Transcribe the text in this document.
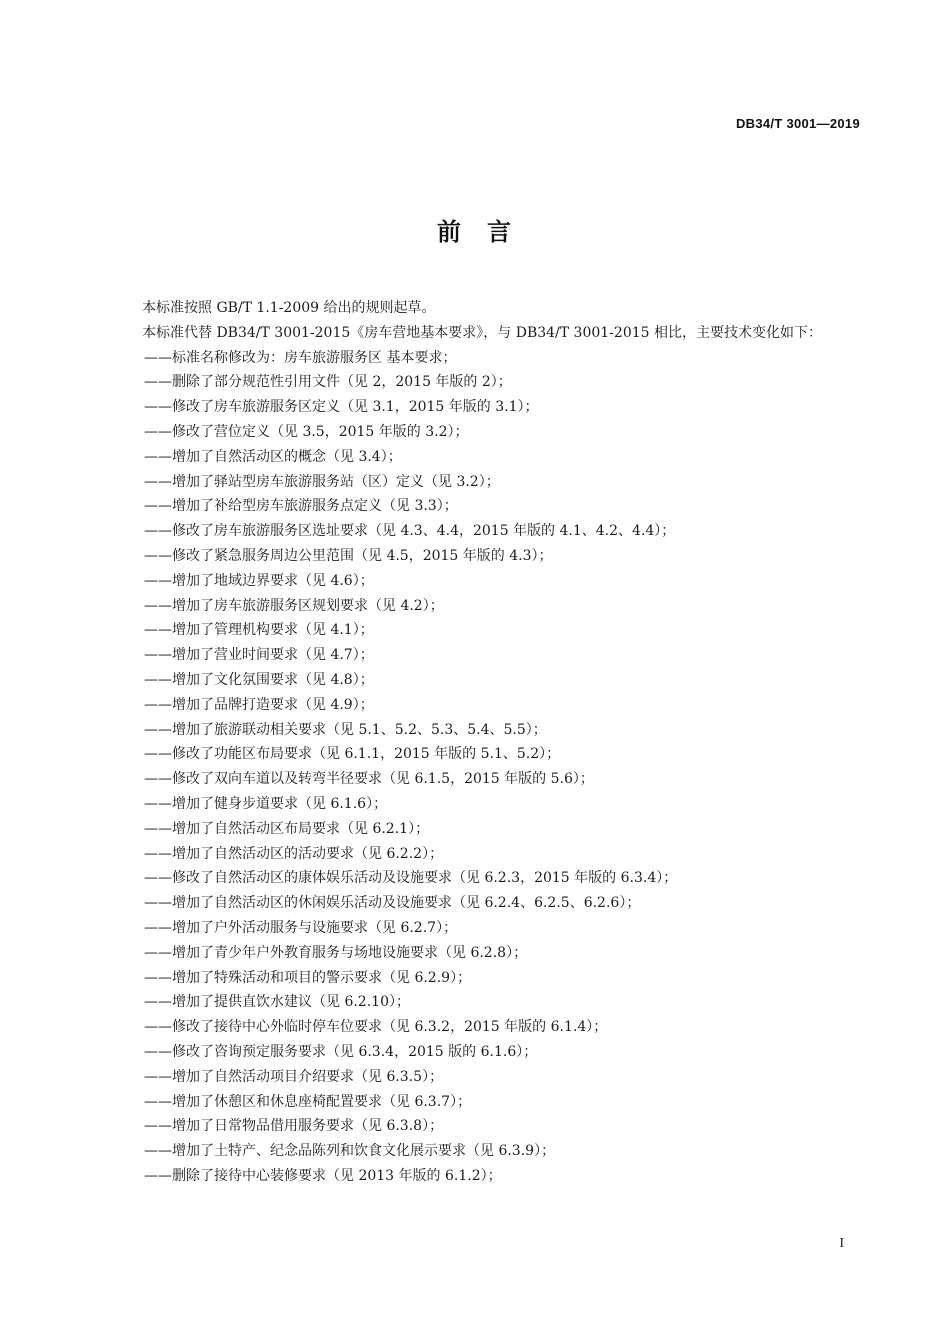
DB34/T 3001—2019
前言

本标准按照 GB/T 1.1-2009 给出的规则起草。

本标准代替 DB34/T 3001-2015《房车营地基本要求》，与 DB34/T 3001-2015 相比，主要技术变化如下：

——标准名称修改为：房车旅游服务区 基本要求；
——删除了部分规范性引用文件（见 2，2015 年版的 2）；
——修改了房车旅游服务区定义（见 3.1，2015 年版的 3.1）；
——修改了营位定义（见 3.5，2015 年版的 3.2）；
——增加了自然活动区的概念（见 3.4）；
——增加了驿站型房车旅游服务站（区）定义（见 3.2）；
——增加了补给型房车旅游服务点定义（见 3.3）；
——修改了房车旅游服务区选址要求（见 4.3、4.4，2015 年版的 4.1、4.2、4.4）；
——修改了紧急服务周边公里范围（见 4.5，2015 年版的 4.3）；
——增加了地域边界要求（见 4.6）；
——增加了房车旅游服务区规划要求（见 4.2）；
——增加了管理机构要求（见 4.1）；
——增加了营业时间要求（见 4.7）；
——增加了文化氛围要求（见 4.8）；
——增加了品牌打造要求（见 4.9）；
——增加了旅游联动相关要求（见 5.1、5.2、5.3、5.4、5.5）；
——修改了功能区布局要求（见 6.1.1，2015 年版的 5.1、5.2）；
——修改了双向车道以及转弯半径要求（见 6.1.5，2015 年版的 5.6）；
——增加了健身步道要求（见 6.1.6）；
——增加了自然活动区布局要求（见 6.2.1）；
——增加了自然活动区的活动要求（见 6.2.2）；
——修改了自然活动区的康体娱乐活动及设施要求（见 6.2.3，2015 年版的 6.3.4）；
——增加了自然活动区的休闲娱乐活动及设施要求（见 6.2.4、6.2.5、6.2.6）；
——增加了户外活动服务与设施要求（见 6.2.7）；
——增加了青少年户外教育服务与场地设施要求（见 6.2.8）；
——增加了特殊活动和项目的警示要求（见 6.2.9）；
——增加了提供直饮水建议（见 6.2.10）；
——修改了接待中心外临时停车位要求（见 6.3.2，2015 年版的 6.1.4）；
——修改了咨询预定服务要求（见 6.3.4，2015 版的 6.1.6）；
——增加了自然活动项目介绍要求（见 6.3.5）；
——增加了休憩区和休息座椅配置要求（见 6.3.7）；
——增加了日常物品借用服务要求（见 6.3.8）；
——增加了土特产、纪念品陈列和饮食文化展示要求（见 6.3.9）；
——删除了接待中心装修要求（见 2013 年版的 6.1.2）；
I
